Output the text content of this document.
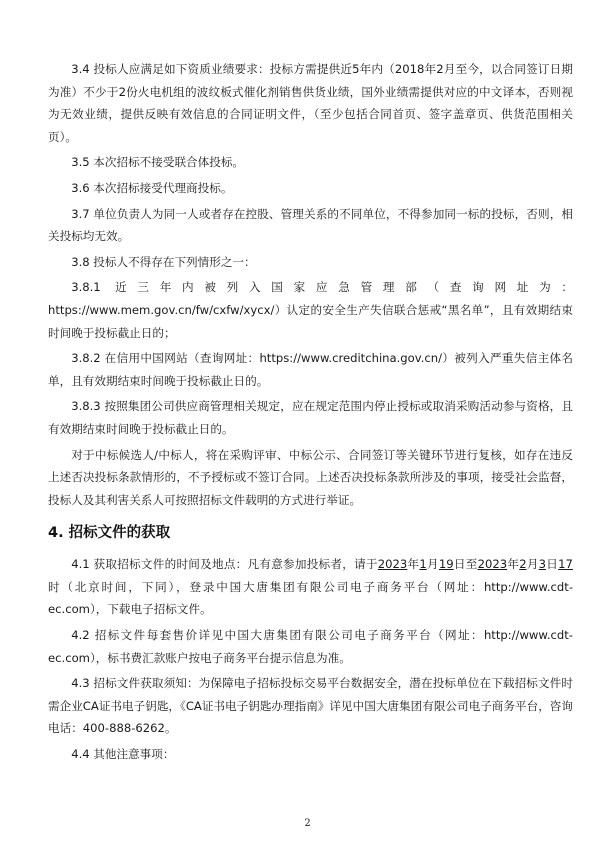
3.4 投标人应满足如下资质业绩要求：投标方需提供近5年内（2018年2月至今，以合同签订日期为准）不少于2份火电机组的波纹板式催化剂销售供货业绩，国外业绩需提供对应的中文译本，否则视为无效业绩，提供反映有效信息的合同证明文件，（至少包括合同首页、签字盖章页、供货范围相关页）。

3.5 本次招标不接受联合体投标。

3.6 本次招标接受代理商投标。

3.7 单位负责人为同一人或者存在控股、管理关系的不同单位，不得参加同一标的投标，否则，相关投标均无效。

3.8 投标人不得存在下列情形之一：

3.8.1 近三年内被列入国家应急管理部（查询网址为：https://www.mem.gov.cn/fw/cxfw/xycx/）认定的安全生产失信联合惩戒“黑名单”，且有效期结束时间晚于投标截止日的；

3.8.2 在信用中国网站（查询网址：https://www.creditchina.gov.cn/）被列入严重失信主体名单，且有效期结束时间晚于投标截止日的。

3.8.3 按照集团公司供应商管理相关规定，应在规定范围内停止授标或取消采购活动参与资格，且有效期结束时间晚于投标截止日的。

对于中标候选人/中标人，将在采购评审、中标公示、合同签订等关键环节进行复核，如存在违反上述否决投标条款情形的，不予授标或不签订合同。上述否决投标条款所涉及的事项，接受社会监督，投标人及其利害关系人可按照招标文件载明的方式进行举证。

4. 招标文件的获取

4.1 获取招标文件的时间及地点：凡有意参加投标者，请于2023年1月19日至2023年2月3日17时（北京时间，下同），登录中国大唐集团有限公司电子商务平台（网址：http://www.cdt-ec.com），下载电子招标文件。

4.2 招标文件每套售价详见中国大唐集团有限公司电子商务平台（网址：http://www.cdt-ec.com），标书费汇款账户按电子商务平台提示信息为准。

4.3 招标文件获取须知：为保障电子招标投标交易平台数据安全，潜在投标单位在下载招标文件时需企业CA证书电子钥匙，《CA证书电子钥匙办理指南》详见中国大唐集团有限公司电子商务平台，咨询电话：400-888-6262。

4.4 其他注意事项：

2
